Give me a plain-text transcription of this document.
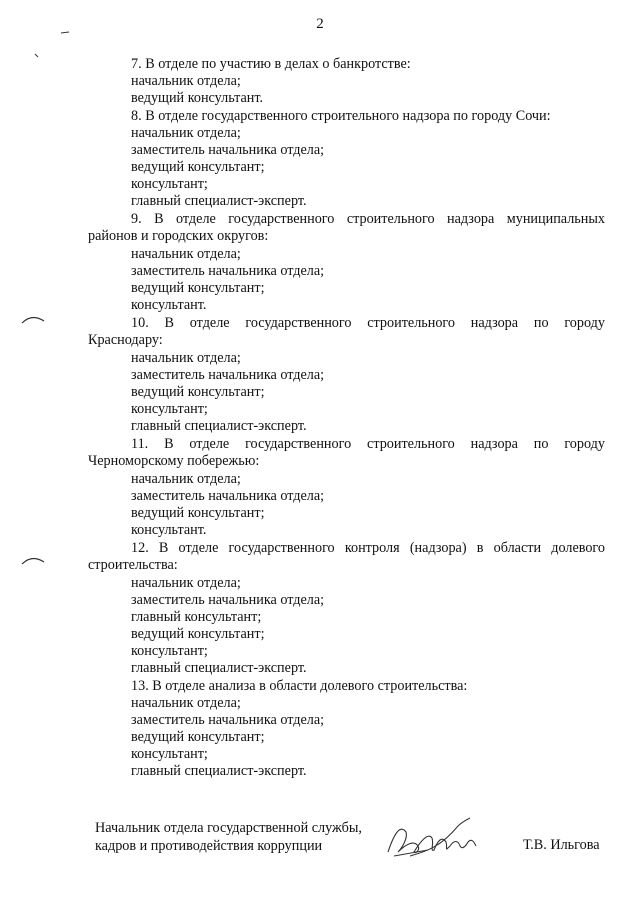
2
7. В отделе по участию в делах о банкротстве:
начальник отдела;
ведущий консультант.
8. В отделе государственного строительного надзора по городу Сочи:
начальник отдела;
заместитель начальника отдела;
ведущий консультант;
консультант;
главный специалист-эксперт.
9. В отделе государственного строительного надзора муниципальных
районов и городских округов:
начальник отдела;
заместитель начальника отдела;
ведущий консультант;
консультант.
10. В отделе государственного строительного надзора по городу
Краснодару:
начальник отдела;
заместитель начальника отдела;
ведущий консультант;
консультант;
главный специалист-эксперт.
11. В отделе государственного строительного надзора по городу
Черноморскому побережью:
начальник отдела;
заместитель начальника отдела;
ведущий консультант;
консультант.
12. В отделе государственного контроля (надзора) в области долевого
строительства:
начальник отдела;
заместитель начальника отдела;
главный консультант;
ведущий консультант;
консультант;
главный специалист-эксперт.
13. В отделе анализа в области долевого строительства:
начальник отдела;
заместитель начальника отдела;
ведущий консультант;
консультант;
главный специалист-эксперт.
Начальник отдела государственной службы,
кадров и противодействия коррупции	Т.В. Ильгова
